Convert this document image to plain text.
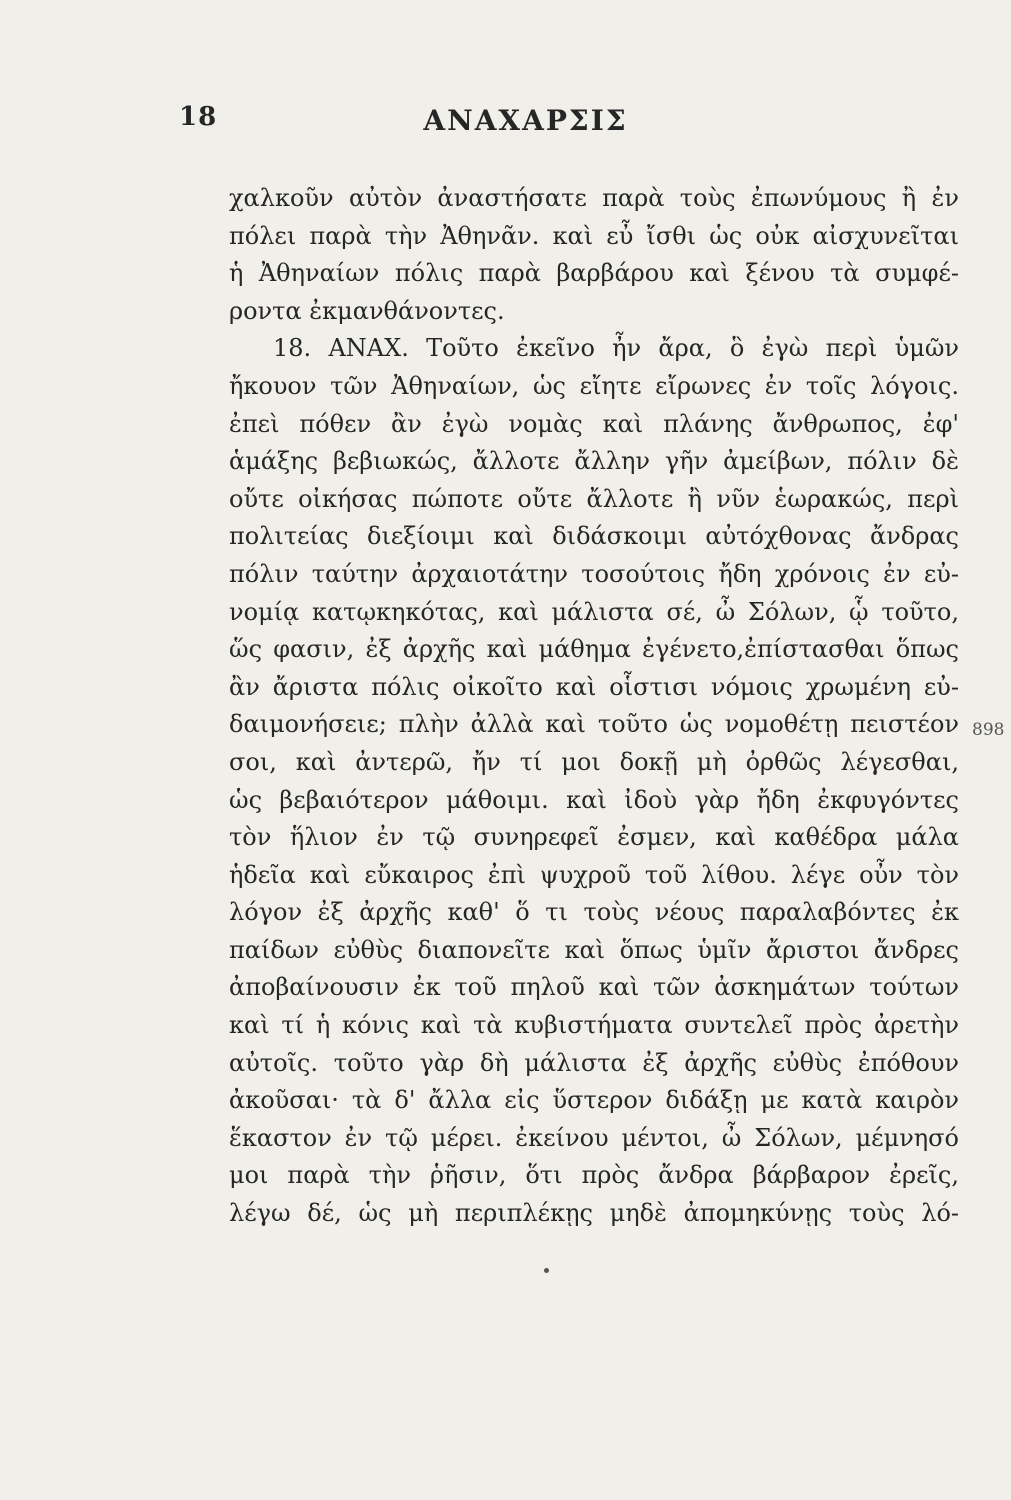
18	ΑΝΑΧΑΡΣΙΣ
χαλκοῦν αὐτὸν ἀναστήσατε παρὰ τοὺς ἐπωνύμους ἢ ἐν
πόλει παρὰ τὴν Ἀθηνᾶν. καὶ εὖ ἴσθι ὡς οὐκ αἰσχυνεῖται
ἡ Ἀθηναίων πόλις παρὰ βαρβάρου καὶ ξένου τὰ συμφέ-
ροντα ἐκμανθάνοντες.
18. ΑΝΑΧ. Τοῦτο ἐκεῖνο ἦν ἄρα, ὃ ἐγὼ περὶ ὑμῶν
ἤκουον τῶν Ἀθηναίων, ὡς εἴητε εἴρωνες ἐν τοῖς λόγοις.
ἐπεὶ πόθεν ἂν ἐγὼ νομὰς καὶ πλάνης ἄνθρωπος, ἐφ'
ἁμάξης βεβιωκώς, ἄλλοτε ἄλλην γῆν ἀμείβων, πόλιν δὲ
οὔτε οἰκήσας πώποτε οὔτε ἄλλοτε ἢ νῦν ἑωρακώς, περὶ
πολιτείας διεξίοιμι καὶ διδάσκοιμι αὐτόχθονας ἄνδρας
πόλιν ταύτην ἀρχαιοτάτην τοσούτοις ἤδη χρόνοις ἐν εὐ-
νομίᾳ κατῳκηκότας, καὶ μάλιστα σέ, ὦ Σόλων, ᾧ τοῦτο,
ὥς φασιν, ἐξ ἀρχῆς καὶ μάθημα ἐγένετο,ἐπίστασθαι ὅπως
ἂν ἄριστα πόλις οἰκοῖτο καὶ οἷστισι νόμοις χρωμένη εὐ-
δαιμονήσειε; πλὴν ἀλλὰ καὶ τοῦτο ὡς νομοθέτῃ πειστέον
σοι, καὶ ἀντερῶ, ἤν τί μοι δοκῇ μὴ ὀρθῶς λέγεσθαι,
ὡς βεβαιότερον μάθοιμι. καὶ ἰδοὺ γὰρ ἤδη ἐκφυγόντες
τὸν ἥλιον ἐν τῷ συνηρεφεῖ ἐσμεν, καὶ καθέδρα μάλα
ἡδεῖα καὶ εὔκαιρος ἐπὶ ψυχροῦ τοῦ λίθου. λέγε οὖν τὸν
λόγον ἐξ ἀρχῆς καθ' ὅ τι τοὺς νέους παραλαβόντες ἐκ
παίδων εὐθὺς διαπονεῖτε καὶ ὅπως ὑμῖν ἄριστοι ἄνδρες
ἀποβαίνουσιν ἐκ τοῦ πηλοῦ καὶ τῶν ἀσκημάτων τούτων
καὶ τί ἡ κόνις καὶ τὰ κυβιστήματα συντελεῖ πρὸς ἀρετὴν
αὐτοῖς. τοῦτο γὰρ δὴ μάλιστα ἐξ ἀρχῆς εὐθὺς ἐπόθουν
ἀκοῦσαι· τὰ δ' ἄλλα εἰς ὕστερον διδάξῃ με κατὰ καιρὸν
ἕκαστον ἐν τῷ μέρει. ἐκείνου μέντοι, ὦ Σόλων, μέμνησό
μοι παρὰ τὴν ῥῆσιν, ὅτι πρὸς ἄνδρα βάρβαρον ἐρεῖς,
λέγω δέ, ὡς μὴ περιπλέκῃς μηδὲ ἀπομηκύνῃς τοὺς λό-
898
